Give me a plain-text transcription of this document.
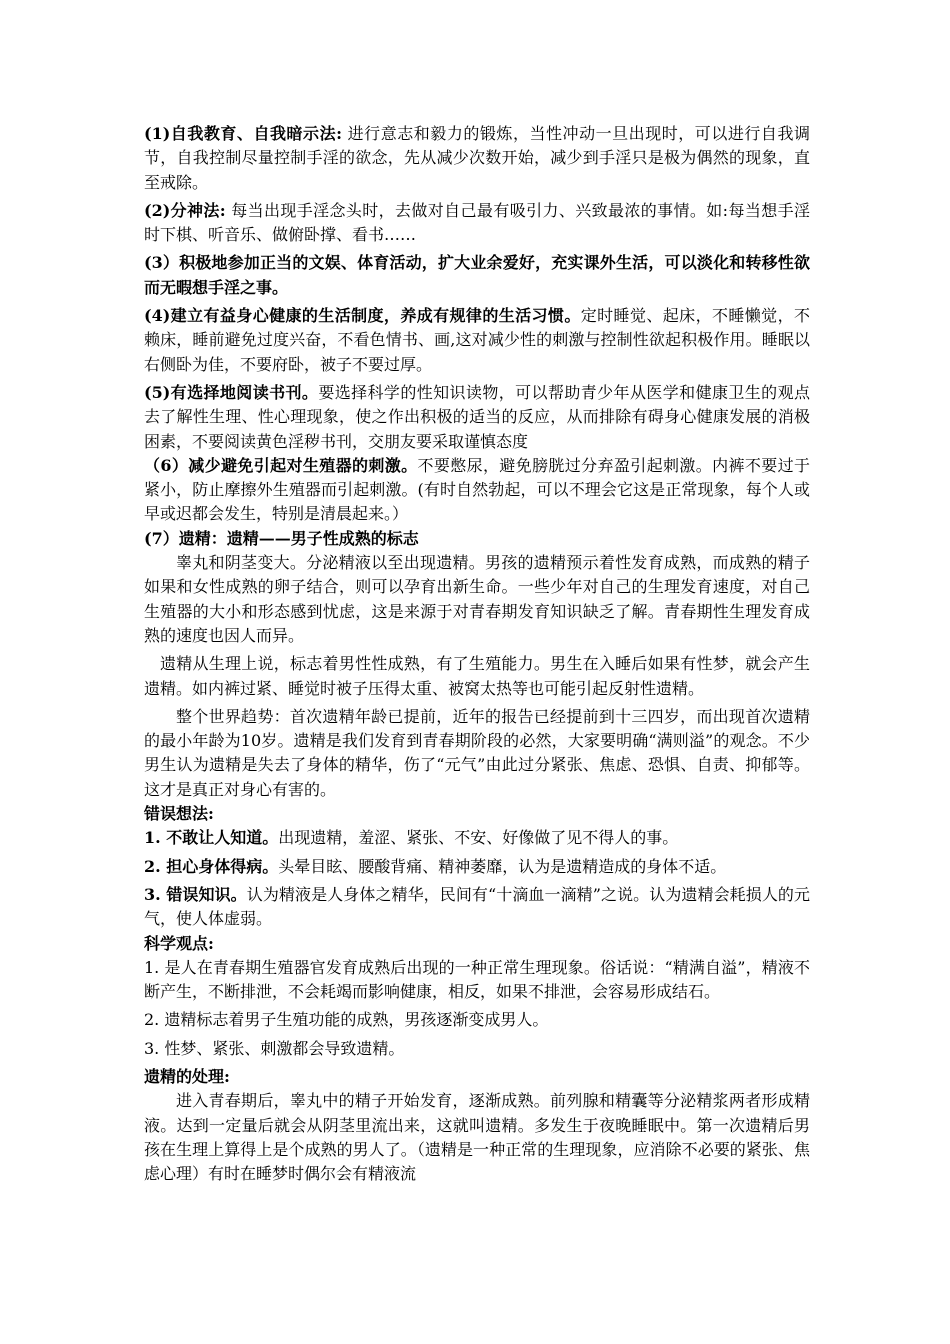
(1)自我教育、自我暗示法: 进行意志和毅力的锻炼，当性冲动一旦出现时，可以进行自我调节，自我控制尽量控制手淫的欲念，先从减少次数开始，减少到手淫只是极为偶然的现象，直至戒除。

(2)分神法: 每当出现手淫念头时，去做对自己最有吸引力、兴致最浓的事情。如:每当想手淫时下棋、听音乐、做俯卧撑、看书……

(3）积极地参加正当的文娱、体育活动，扩大业余爱好，充实课外生活，可以淡化和转移性欲而无暇想手淫之事。

(4)建立有益身心健康的生活制度，养成有规律的生活习惯。定时睡觉、起床，不睡懒觉，不赖床，睡前避免过度兴奋，不看色情书、画,这对减少性的刺激与控制性欲起积极作用。睡眠以右侧卧为佳，不要府卧，被子不要过厚。

(5)有选择地阅读书刊。要选择科学的性知识读物，可以帮助青少年从医学和健康卫生的观点去了解性生理、性心理现象，使之作出积极的适当的反应，从而排除有碍身心健康发展的消极困素，不要阅读黄色淫秽书刊，交朋友要采取谨慎态度

（6）减少避免引起对生殖器的刺激。不要憋尿，避免膀胱过分弃盈引起刺激。内裤不要过于紧小，防止摩擦外生殖器而引起刺激。(有时自然勃起，可以不理会它这是正常现象，每个人或早或迟都会发生，特别是清晨起来。）

(7）遗精：遗精——男子性成熟的标志

睾丸和阴茎变大。分泌精液以至出现遗精。男孩的遗精预示着性发育成熟，而成熟的精子如果和女性成熟的卵子结合，则可以孕育出新生命。一些少年对自己的生理发育速度，对自己生殖器的大小和形态感到忧虑，这是来源于对青春期发育知识缺乏了解。青春期性生理发育成熟的速度也因人而异。

遗精从生理上说，标志着男性性成熟，有了生殖能力。男生在入睡后如果有性梦，就会产生遗精。如内裤过紧、睡觉时被子压得太重、被窝太热等也可能引起反射性遗精。

整个世界趋势：首次遗精年龄已提前，近年的报告已经提前到十三四岁，而出现首次遗精的最小年龄为10岁。遗精是我们发育到青春期阶段的必然，大家要明确“满则溢”的观念。不少男生认为遗精是失去了身体的精华，伤了“元气”由此过分紧张、焦虑、恐惧、自责、抑郁等。这才是真正对身心有害的。

错误想法:

1. 不敢让人知道。出现遗精，羞涩、紧张、不安、好像做了见不得人的事。

2. 担心身体得病。头晕目眩、腰酸背痛、精神萎靡，认为是遗精造成的身体不适。

3. 错误知识。认为精液是人身体之精华，民间有“十滴血一滴精”之说。认为遗精会耗损人的元气，使人体虚弱。

科学观点:

1. 是人在青春期生殖器官发育成熟后出现的一种正常生理现象。俗话说：“精满自溢”，精液不断产生，不断排泄，不会耗竭而影响健康，相反，如果不排泄，会容易形成结石。

2. 遗精标志着男子生殖功能的成熟，男孩逐渐变成男人。

3. 性梦、紧张、刺激都会导致遗精。

遗精的处理:

进入青春期后，睾丸中的精子开始发育，逐渐成熟。前列腺和精囊等分泌精浆两者形成精液。达到一定量后就会从阴茎里流出来，这就叫遗精。多发生于夜晚睡眠中。第一次遗精后男孩在生理上算得上是个成熟的男人了。（遗精是一种正常的生理现象，应消除不必要的紧张、焦虑心理）有时在睡梦时偶尔会有精液流
